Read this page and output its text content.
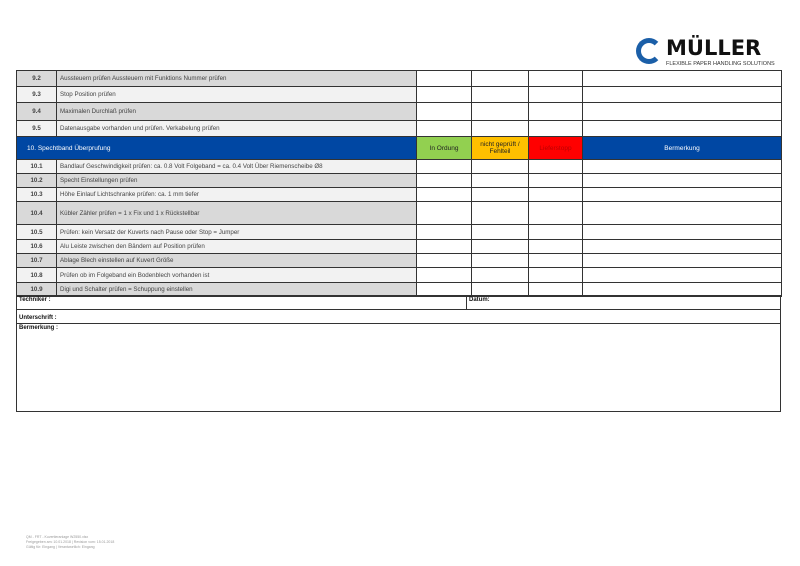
MÜLLER
FLEXIBLE PAPER HANDLING SOLUTIONS
9.2	Aussteuern prüfen Aussteuern mit Funktions Nummer prüfen				
9.3	Stop Position prüfen				
9.4	Maximalen Durchlaß prüfen				
9.5	Datenausgabe vorhanden und prüfen. Verkabelung prüfen				
10. Spechtband Überprufung		In Ordung	nicht geprüft / Fehlteil	Lieferstopp	Bermerkung
10.1	Bandlauf Geschwindigkeit prüfen: ca. 0.8 Volt Folgeband = ca. 0.4 Volt Über Riemenscheibe Ø8				
10.2	Specht Einstellungen prüfen				
10.3	Höhe Einlauf Lichtschranke prüfen: ca. 1 mm tiefer				
10.4	Kübler Zähler prüfen = 1 x Fix und 1 x Rückstellbar				
10.5	Prüfen: kein Versatz der Kuverts nach Pause oder Stop = Jumper				
10.6	Alu Leiste zwischen den Bändern auf Position prüfen				
10.7	Ablage Blech einstellen auf Kuvert Größe				
10.8	Prüfen ob im Folgeband ein Bodenblech vorhanden ist				
10.9	Digi und Schalter prüfen = Schuppung einstellen				
Techniker :	Datum:
Unterschrift :
Bermerkung :
QM - FRT - Kuvertieranlage W2550.xlsx
Freigegeben am: 10.01.2018 | Revision vom: 15.01.2018
Gültig für: Eingang | Verantwortlich: Eingang
